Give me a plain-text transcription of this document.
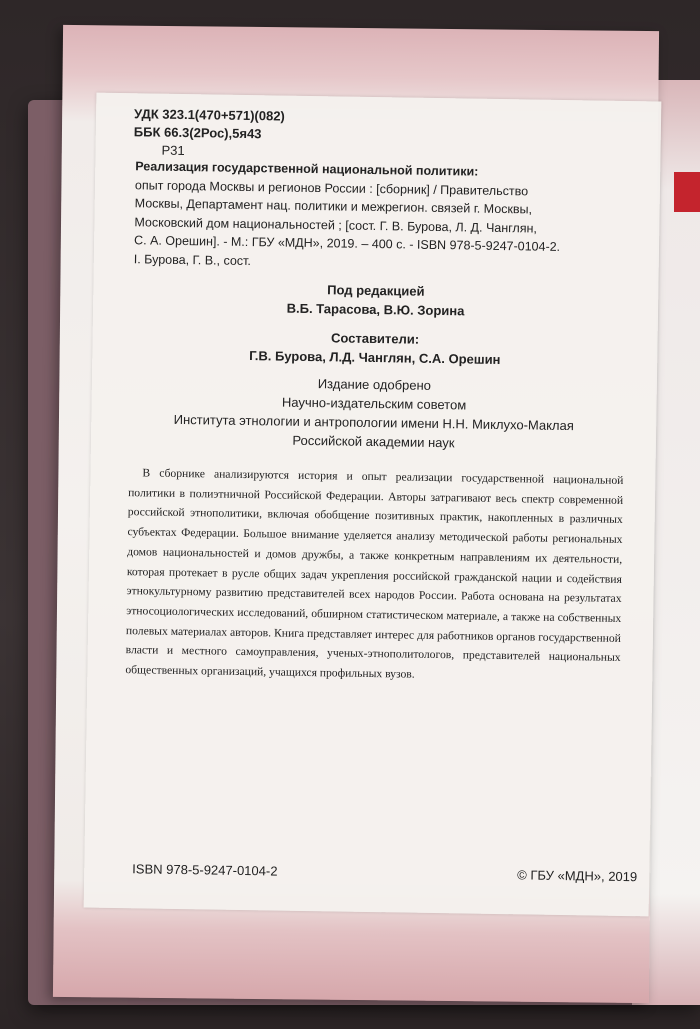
УДК 323.1(470+571)(082)
ББК 66.3(2Рос),5я43
Р31
Реализация государственной национальной политики:
опыт города Москвы и регионов России : [сборник] / Правительство
Москвы, Департамент нац. политики и межрегион. связей г. Москвы,
Московский дом национальностей ; [сост. Г. В. Бурова, Л. Д. Чанглян,
С. А. Орешин]. - М.: ГБУ «МДН», 2019. – 400 с. - ISBN 978-5-9247-0104-2.
I. Бурова, Г. В., сост.
Под редакцией
В.Б. Тарасова, В.Ю. Зорина
Составители:
Г.В. Бурова, Л.Д. Чанглян, С.А. Орешин
Издание одобрено
Научно-издательским советом
Института этнологии и антропологии имени Н.Н. Миклухо-Маклая
Российской академии наук
В сборнике анализируются история и опыт реализации государственной национальной политики в полиэтничной Российской Федерации. Авторы затрагивают весь спектр современной российской этнополитики, включая обобщение позитивных практик, накопленных в различных субъектах Федерации. Большое внимание уделяется анализу методической работы региональных домов национальностей и домов дружбы, а также конкретным направлениям их деятельности, которая протекает в русле общих задач укрепления российской гражданской нации и содействия этнокультурному развитию представителей всех народов России. Работа основана на результатах этносоциологических исследований, обширном статистическом материале, а также на собственных полевых материалах авторов. Книга представляет интерес для работников органов государственной власти и местного самоуправления, ученых-этнополитологов, представителей национальных общественных организаций, учащихся профильных вузов.
ISBN 978-5-9247-0104-2	© ГБУ «МДН», 2019
